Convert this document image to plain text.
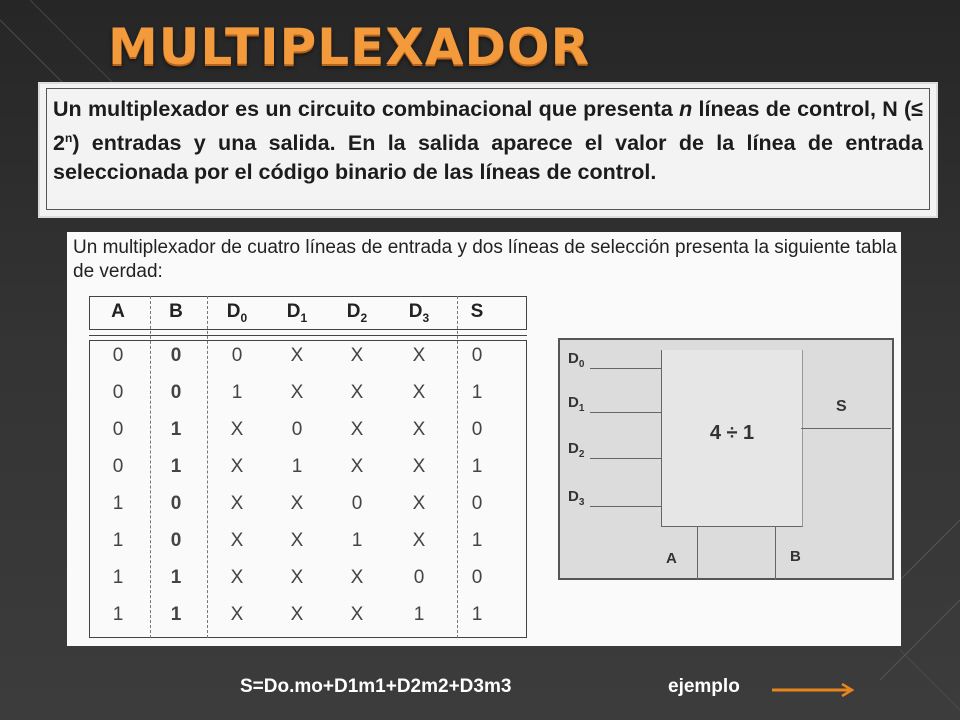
MULTIPLEXADOR

Un multiplexador es un circuito combinacional que presenta n líneas de control, N (≤ $2^n$) entradas y una salida. En la salida aparece el valor de la línea de entrada seleccionada por el código binario de las líneas de control.

Un multiplexador de cuatro líneas de entrada y dos líneas de selección presenta la siguiente tabla de verdad:

A	B	$D_0$	$D_1$	$D_2$	$D_3$	S
0	0	0	X	X	X	0
0	0	1	X	X	X	1
0	1	X	0	X	X	0
0	1	X	1	X	X	1
1	0	X	X	0	X	0
1	0	X	X	1	X	1
1	1	X	X	X	0	0
1	1	X	X	X	1	1
4 ÷ 1
$D_0$
$D_1$
$D_2$
$D_3$
S
A	B
S=Do.mo+D1m1+D2m2+D3m3	ejemplo
